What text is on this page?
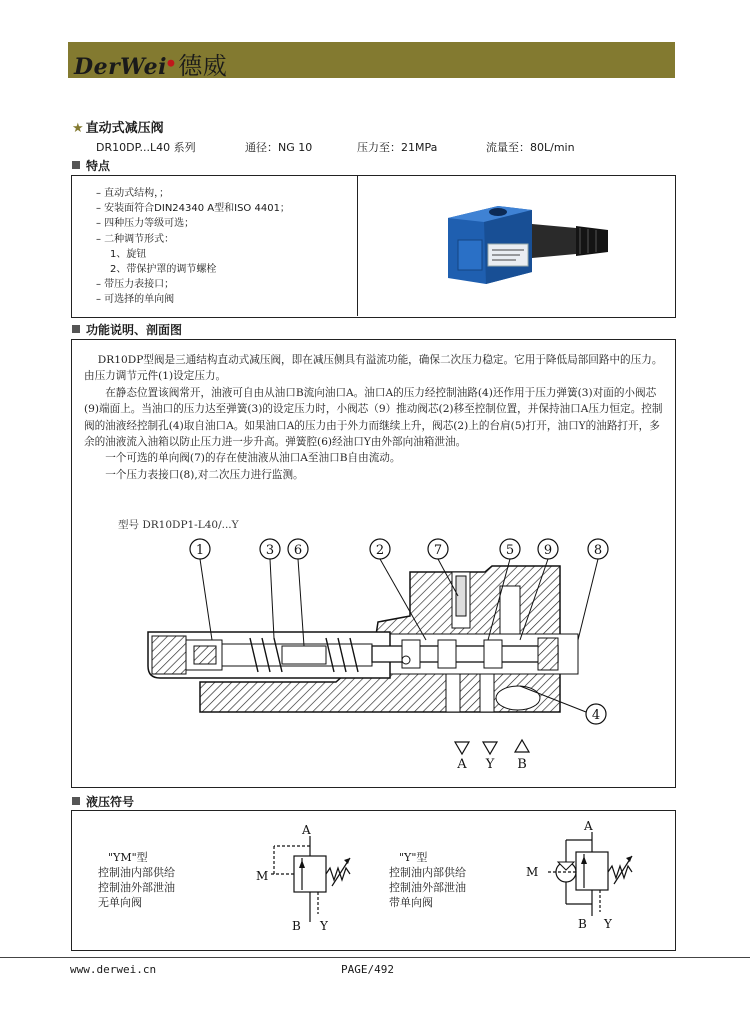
DerWei● 德威
★ 直动式减压阀
DR10DP...L40 系列	通径：NG 10	压力至：21MPa	流量至：80L/min
特点
– 直动式结构，；
– 安装面符合DIN24340 A型和ISO 4401；
– 四种压力等级可选；
– 二种调节形式：
1、旋钮
2、带保护罩的调节螺栓
– 带压力表接口；
– 可选择的单向阀
功能说明、剖面图

DR10DP型阀是三通结构直动式减压阀，即在减压侧具有溢流功能，确保二次压力稳定。它用于降低局部回路中的压力。由压力调节元件(1)设定压力。

在静态位置该阀常开，油液可自由从油口B流向油口A。油口A的压力经控制油路(4)还作用于压力弹簧(3)对面的小阀芯(9)端面上。当油口的压力达至弹簧(3)的设定压力时，小阀芯（9）推动阀芯(2)移至控制位置，并保持油口A压力恒定。控制阀的油液经控制孔(4)取自油口A。如果油口A的压力由于外力而继续上升，阀芯(2)上的台肩(5)打开，油口Y的油路打开，多余的油液流入油箱以防止压力进一步升高。弹簧腔(6)经油口Y由外部向油箱泄油。

一个可选的单向阀(7)的存在使油液从油口A至油口B自由流动。

一个压力表接口(8),对二次压力进行监测。

型号 DR10DP1-L40/...Y
1	3 6	2	7	5 9	8
4
A Y B
液压符号
"YM"型
控制油内部供给
控制油外部泄油
无单向阀
"Y"型
控制油内部供给
控制油外部泄油
带单向阀
A
M
B Y
A
M
B Y
www.derwei.cn	PAGE/492
